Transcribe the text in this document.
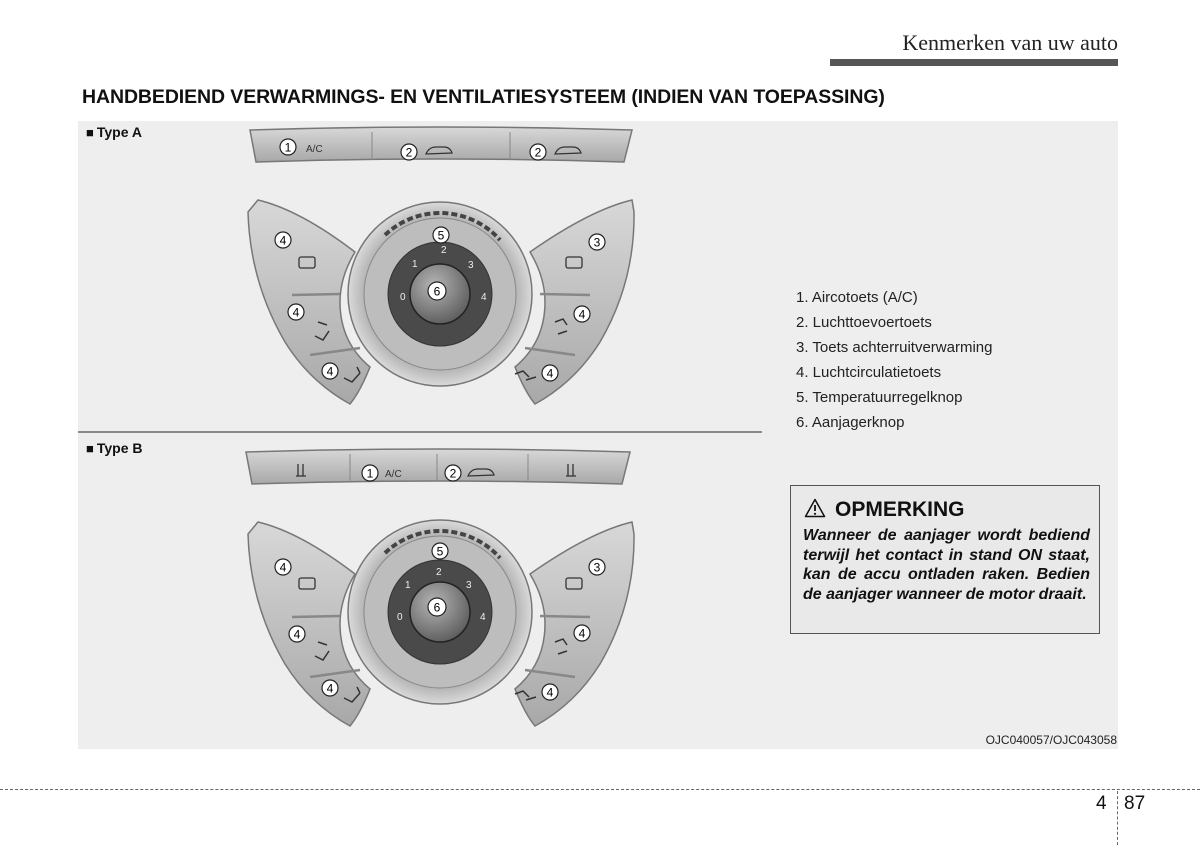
Kenmerken van uw auto
HANDBEDIEND VERWARMINGS- EN VENTILATIESYSTEEM (INDIEN VAN TOEPASSING)
■ Type A
■ Type B
1 A/C	2	2
4
4
4
3
4
4
0
1
2
3
4
5
6
1 A/C	2
4
4
4
3
4
4
0
1
2
3
4
5
6
1. Aircotoets (A/C)
2. Luchttoevoertoets
3. Toets achterruitverwarming
4. Luchtcirculatietoets
5. Temperatuurregelknop
6. Aanjagerknop
OPMERKING
Wanneer de aanjager wordt bediend terwijl het contact in stand ON staat, kan de accu ontladen raken. Bedien de aanjager wanneer de motor draait.
OJC040057/OJC043058
4 87
